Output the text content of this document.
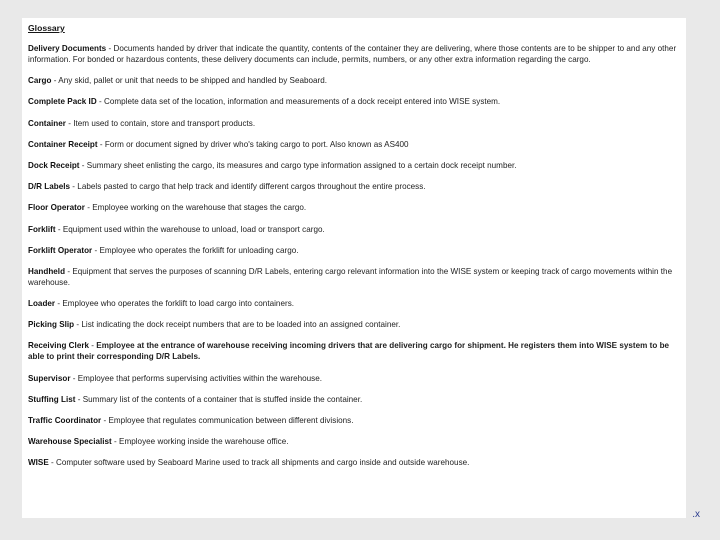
Glossary
Delivery Documents - Documents handed by driver that indicate the quantity, contents of the container they are delivering, where those contents are to be shipper to and any other information. For bonded or hazardous contents, these delivery documents can include, permits, numbers, or any other extra information regarding the cargo.
Cargo - Any skid, pallet or unit that needs to be shipped and handled by Seaboard.
Complete Pack ID - Complete data set of the location, information and measurements of a dock receipt entered into WISE system.
Container - Item used to contain, store and transport products.
Container Receipt - Form or document signed by driver who's taking cargo to port. Also known as AS400
Dock Receipt - Summary sheet enlisting the cargo, its measures and cargo type information assigned to a certain dock receipt number.
D/R Labels - Labels pasted to cargo that help track and identify different cargos throughout the entire process.
Floor Operator - Employee working on the warehouse that stages the cargo.
Forklift - Equipment used within the warehouse to unload, load or transport cargo.
Forklift Operator - Employee who operates the forklift for unloading cargo.
Handheld - Equipment that serves the purposes of scanning D/R Labels, entering cargo relevant information into the WISE system or keeping track of cargo movements within the warehouse.
Loader - Employee who operates the forklift to load cargo into containers.
Picking Slip - List indicating the dock receipt numbers that are to be loaded into an assigned container.
Receiving Clerk - Employee at the entrance of warehouse receiving incoming drivers that are delivering cargo for shipment. He registers them into WISE system to be able to print their corresponding D/R Labels.
Supervisor - Employee that performs supervising activities within the warehouse.
Stuffing List - Summary list of the contents of a container that is stuffed inside the container.
Traffic Coordinator - Employee that regulates communication between different divisions.
Warehouse Specialist - Employee working inside the warehouse office.
WISE - Computer software used by Seaboard Marine used to track all shipments and cargo inside and outside warehouse.
.x
